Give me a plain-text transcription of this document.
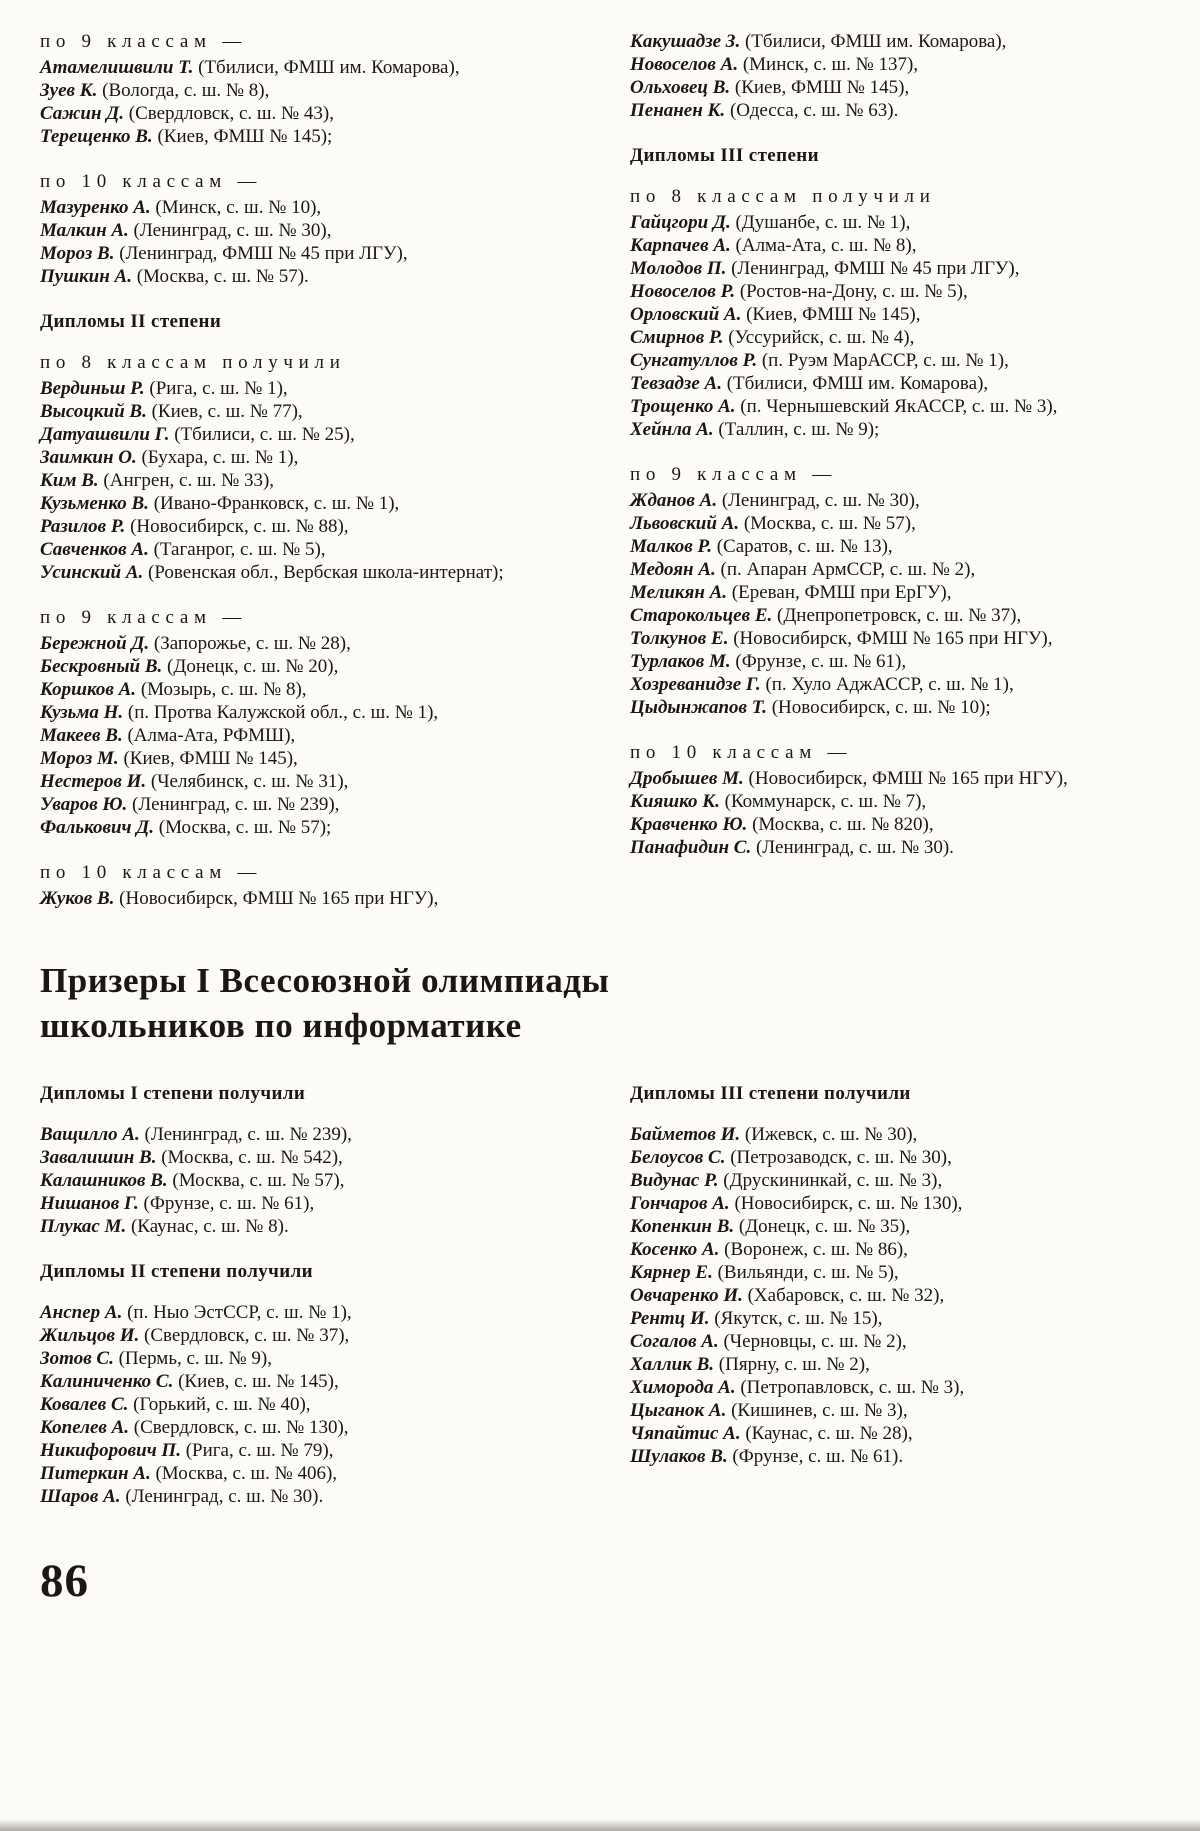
по 9 классам —

Атамелишвили Т. (Тбилиси, ФМШ им. Комарова),

Зуев К. (Вологда, с. ш. № 8),

Сажин Д. (Свердловск, с. ш. № 43),

Терещенко В. (Киев, ФМШ № 145);

по 10 классам —

Мазуренко А. (Минск, с. ш. № 10),

Малкин А. (Ленинград, с. ш. № 30),

Мороз В. (Ленинград, ФМШ № 45 при ЛГУ),

Пушкин А. (Москва, с. ш. № 57).

Дипломы II степени
по 8 классам получили

Вердиньш Р. (Рига, с. ш. № 1),

Высоцкий В. (Киев, с. ш. № 77),

Датуашвили Г. (Тбилиси, с. ш. № 25),

Заимкин О. (Бухара, с. ш. № 1),

Ким В. (Ангрен, с. ш. № 33),

Кузьменко В. (Ивано-Франковск, с. ш. № 1),

Разилов Р. (Новосибирск, с. ш. № 88),

Савченков А. (Таганрог, с. ш. № 5),

Усинский А. (Ровенская обл., Вербская школа-интернат);

по 9 классам —

Бережной Д. (Запорожье, с. ш. № 28),

Бескровный В. (Донецк, с. ш. № 20),

Коршков А. (Мозырь, с. ш. № 8),

Кузьма Н. (п. Протва Калужской обл., с. ш. № 1),

Макеев В. (Алма-Ата, РФМШ),

Мороз М. (Киев, ФМШ № 145),

Нестеров И. (Челябинск, с. ш. № 31),

Уваров Ю. (Ленинград, с. ш. № 239),

Фалькович Д. (Москва, с. ш. № 57);

по 10 классам —

Жуков В. (Новосибирск, ФМШ № 165 при НГУ),

Какушадзе З. (Тбилиси, ФМШ им. Комарова),

Новоселов А. (Минск, с. ш. № 137),

Ольховец В. (Киев, ФМШ № 145),

Пенанен К. (Одесса, с. ш. № 63).

Дипломы III степени
по 8 классам получили

Гайцгори Д. (Душанбе, с. ш. № 1),

Карпачев А. (Алма-Ата, с. ш. № 8),

Молодов П. (Ленинград, ФМШ № 45 при ЛГУ),

Новоселов Р. (Ростов-на-Дону, с. ш. № 5),

Орловский А. (Киев, ФМШ № 145),

Смирнов Р. (Уссурийск, с. ш. № 4),

Сунгатуллов Р. (п. Руэм МарАССР, с. ш. № 1),

Тевзадзе А. (Тбилиси, ФМШ им. Комарова),

Трощенко А. (п. Чернышевский ЯкАССР, с. ш. № 3),

Хейнла А. (Таллин, с. ш. № 9);

по 9 классам —

Жданов А. (Ленинград, с. ш. № 30),

Львовский А. (Москва, с. ш. № 57),

Малков Р. (Саратов, с. ш. № 13),

Медоян А. (п. Апаран АрмССР, с. ш. № 2),

Меликян А. (Ереван, ФМШ при ЕрГУ),

Старокольцев Е. (Днепропетровск, с. ш. № 37),

Толкунов Е. (Новосибирск, ФМШ № 165 при НГУ),

Турлаков М. (Фрунзе, с. ш. № 61),

Хозреванидзе Г. (п. Хуло АджАССР, с. ш. № 1),

Цыдынжапов Т. (Новосибирск, с. ш. № 10);

по 10 классам —

Дробышев М. (Новосибирск, ФМШ № 165 при НГУ),

Кияшко К. (Коммунарск, с. ш. № 7),

Кравченко Ю. (Москва, с. ш. № 820),

Панафидин С. (Ленинград, с. ш. № 30).

Призеры I Всесоюзной олимпиады
школьников по информатике
Дипломы I степени получили

Ващилло А. (Ленинград, с. ш. № 239),

Завалишин В. (Москва, с. ш. № 542),

Калашников В. (Москва, с. ш. № 57),

Нишанов Г. (Фрунзе, с. ш. № 61),

Плукас М. (Каунас, с. ш. № 8).

Дипломы II степени получили

Анспер А. (п. Ныо ЭстССР, с. ш. № 1),

Жильцов И. (Свердловск, с. ш. № 37),

Зотов С. (Пермь, с. ш. № 9),

Калиниченко С. (Киев, с. ш. № 145),

Ковалев С. (Горький, с. ш. № 40),

Копелев А. (Свердловск, с. ш. № 130),

Никифорович П. (Рига, с. ш. № 79),

Питеркин А. (Москва, с. ш. № 406),

Шаров А. (Ленинград, с. ш. № 30).

Дипломы III степени получили

Байметов И. (Ижевск, с. ш. № 30),

Белоусов С. (Петрозаводск, с. ш. № 30),

Видунас Р. (Друскининкай, с. ш. № 3),

Гончаров А. (Новосибирск, с. ш. № 130),

Копенкин В. (Донецк, с. ш. № 35),

Косенко А. (Воронеж, с. ш. № 86),

Кярнер Е. (Вильянди, с. ш. № 5),

Овчаренко И. (Хабаровск, с. ш. № 32),

Рентц И. (Якутск, с. ш. № 15),

Согалов А. (Черновцы, с. ш. № 2),

Халлик В. (Пярну, с. ш. № 2),

Химорода А. (Петропавловск, с. ш. № 3),

Цыганок А. (Кишинев, с. ш. № 3),

Чяпайтис А. (Каунас, с. ш. № 28),

Шулаков В. (Фрунзе, с. ш. № 61).

86
